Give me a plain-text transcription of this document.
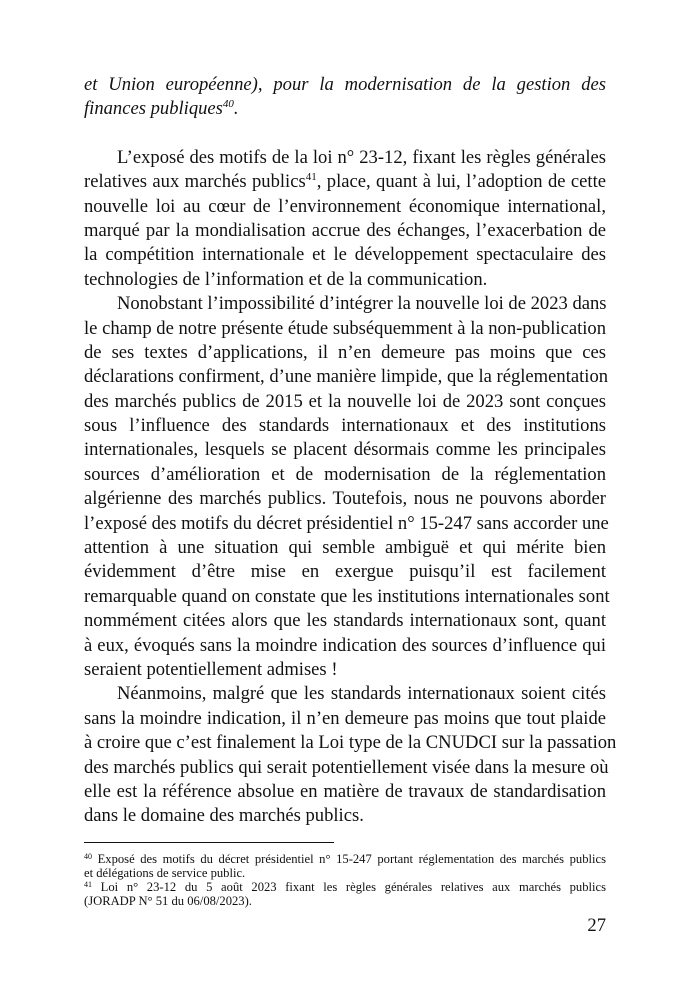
et Union européenne), pour la modernisation de la gestion des
finances publiques$^{40}$.
L’exposé des motifs de la loi n° 23-12, fixant les règles générales
relatives aux marchés publics$^{41}$, place, quant à lui, l’adoption de cette
nouvelle loi au cœur de l’environnement économique international,
marqué par la mondialisation accrue des échanges, l’exacerbation de
la compétition internationale et le développement spectaculaire des
technologies de l’information et de la communication.
Nonobstant l’impossibilité d’intégrer la nouvelle loi de 2023 dans
le champ de notre présente étude subséquemment à la non-publication
de ses textes d’applications, il n’en demeure pas moins que ces
déclarations confirment, d’une manière limpide, que la réglementation
des marchés publics de 2015 et la nouvelle loi de 2023 sont conçues
sous l’influence des standards internationaux et des institutions
internationales, lesquels se placent désormais comme les principales
sources d’amélioration et de modernisation de la réglementation
algérienne des marchés publics. Toutefois, nous ne pouvons aborder
l’exposé des motifs du décret présidentiel n° 15-247 sans accorder une
attention à une situation qui semble ambiguë et qui mérite bien
évidemment d’être mise en exergue puisqu’il est facilement
remarquable quand on constate que les institutions internationales sont
nommément citées alors que les standards internationaux sont, quant
à eux, évoqués sans la moindre indication des sources d’influence qui
seraient potentiellement admises !
Néanmoins, malgré que les standards internationaux soient cités
sans la moindre indication, il n’en demeure pas moins que tout plaide
à croire que c’est finalement la Loi type de la CNUDCI sur la passation
des marchés publics qui serait potentiellement visée dans la mesure où
elle est la référence absolue en matière de travaux de standardisation
dans le domaine des marchés publics.
$^{40}$ Exposé des motifs du décret présidentiel n° 15-247 portant réglementation des marchés publics
et délégations de service public.
$^{41}$ Loi n° 23-12 du 5 août 2023 fixant les règles générales relatives aux marchés publics
(JORADP N° 51 du 06/08/2023).
27
